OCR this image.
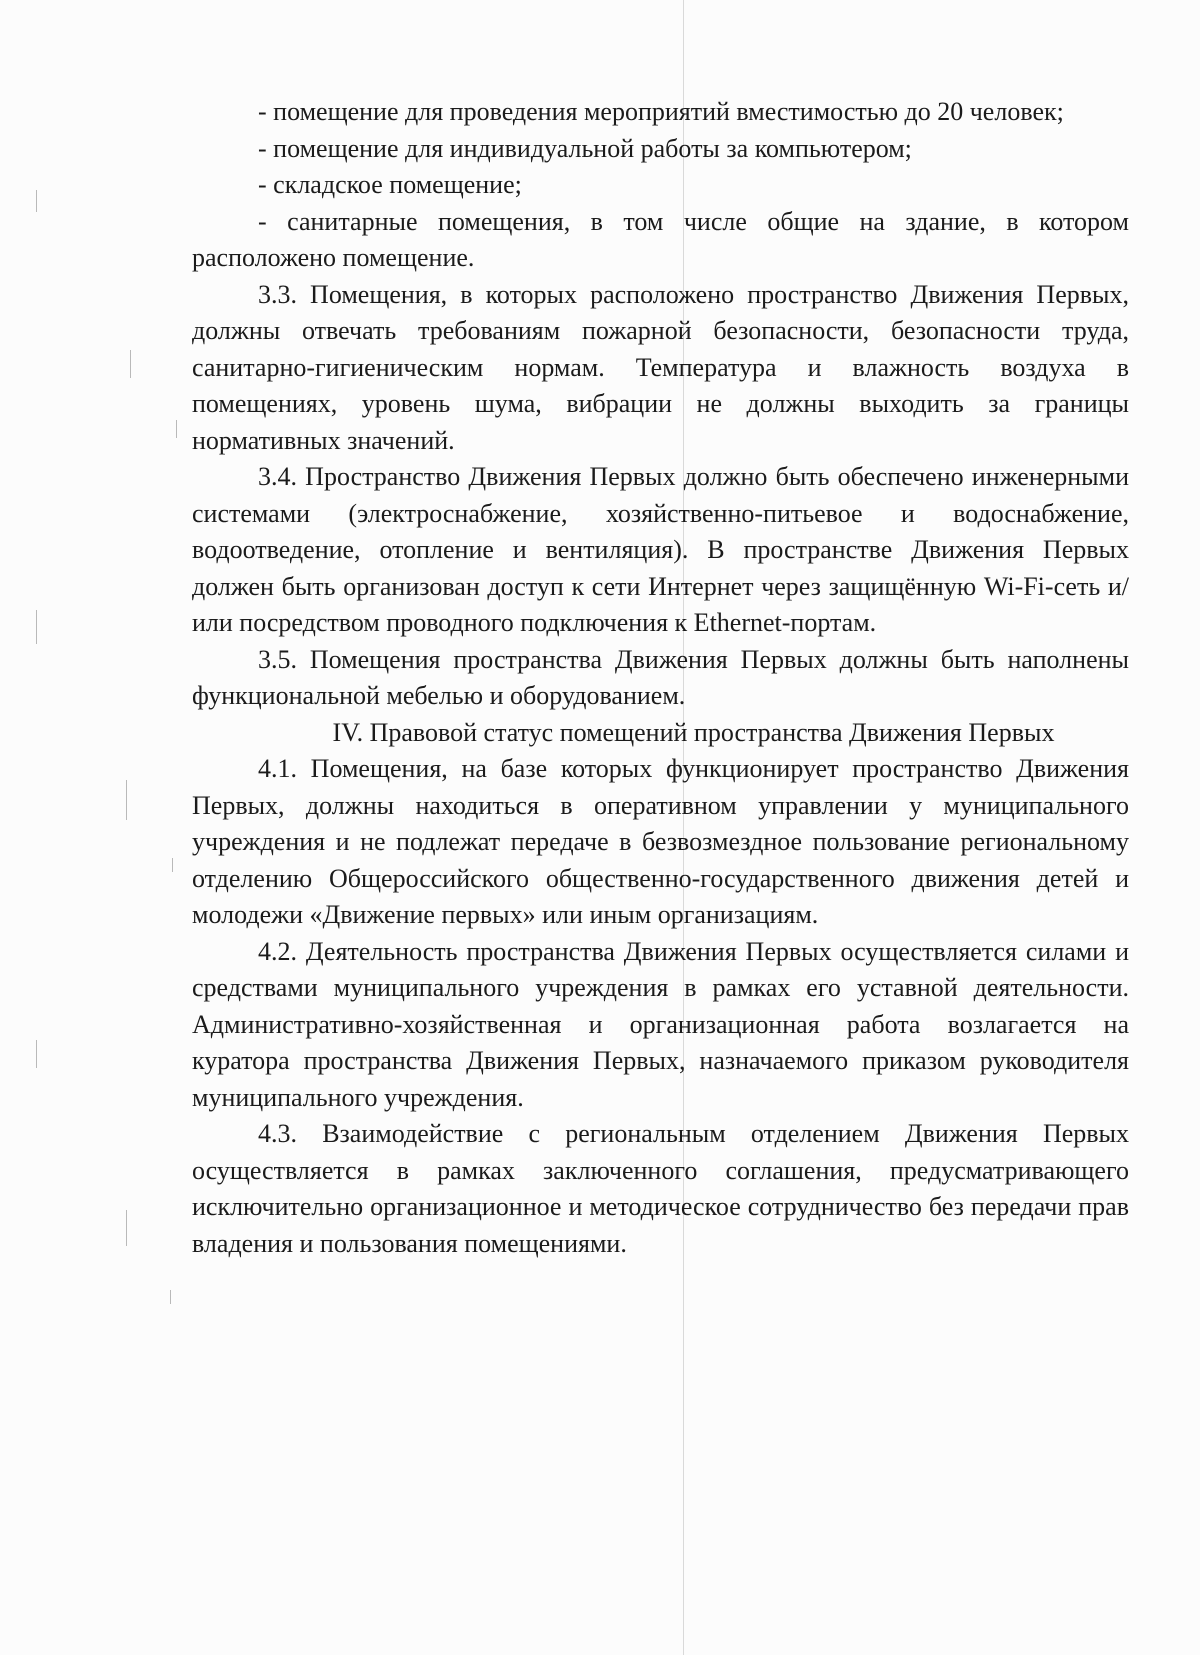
- помещение для проведения мероприятий вместимостью до 20 человек;

- помещение для индивидуальной работы за компьютером;

- складское помещение;

- санитарные помещения, в том числе общие на здание, в котором расположено помещение.

3.3. Помещения, в которых расположено пространство Движения Первых, должны отвечать требованиям пожарной безопасности, безопасности труда, санитарно-гигиеническим нормам. Температура и влажность воздуха в помещениях, уровень шума, вибрации не должны выходить за границы нормативных значений.

3.4. Пространство Движения Первых должно быть обеспечено инженерными системами (электроснабжение, хозяйственно-питьевое и водоснабжение, водоотведение, отопление и вентиляция). В пространстве Движения Первых должен быть организован доступ к сети Интернет через защищённую Wi-Fi-сеть и/или посредством проводного подключения к Ethernet-портам.

3.5. Помещения пространства Движения Первых должны быть наполнены функциональной мебелью и оборудованием.

IV. Правовой статус помещений пространства Движения Первых

4.1. Помещения, на базе которых функционирует пространство Движения Первых, должны находиться в оперативном управлении у муниципального учреждения и не подлежат передаче в безвозмездное пользование региональному отделению Общероссийского общественно-государственного движения детей и молодежи «Движение первых» или иным организациям.

4.2. Деятельность пространства Движения Первых осуществляется силами и средствами муниципального учреждения в рамках его уставной деятельности. Административно-хозяйственная и организационная работа возлагается на куратора пространства Движения Первых, назначаемого приказом руководителя муниципального учреждения.

4.3. Взаимодействие с региональным отделением Движения Первых осуществляется в рамках заключенного соглашения, предусматривающего исключительно организационное и методическое сотрудничество без передачи прав владения и пользования помещениями.
